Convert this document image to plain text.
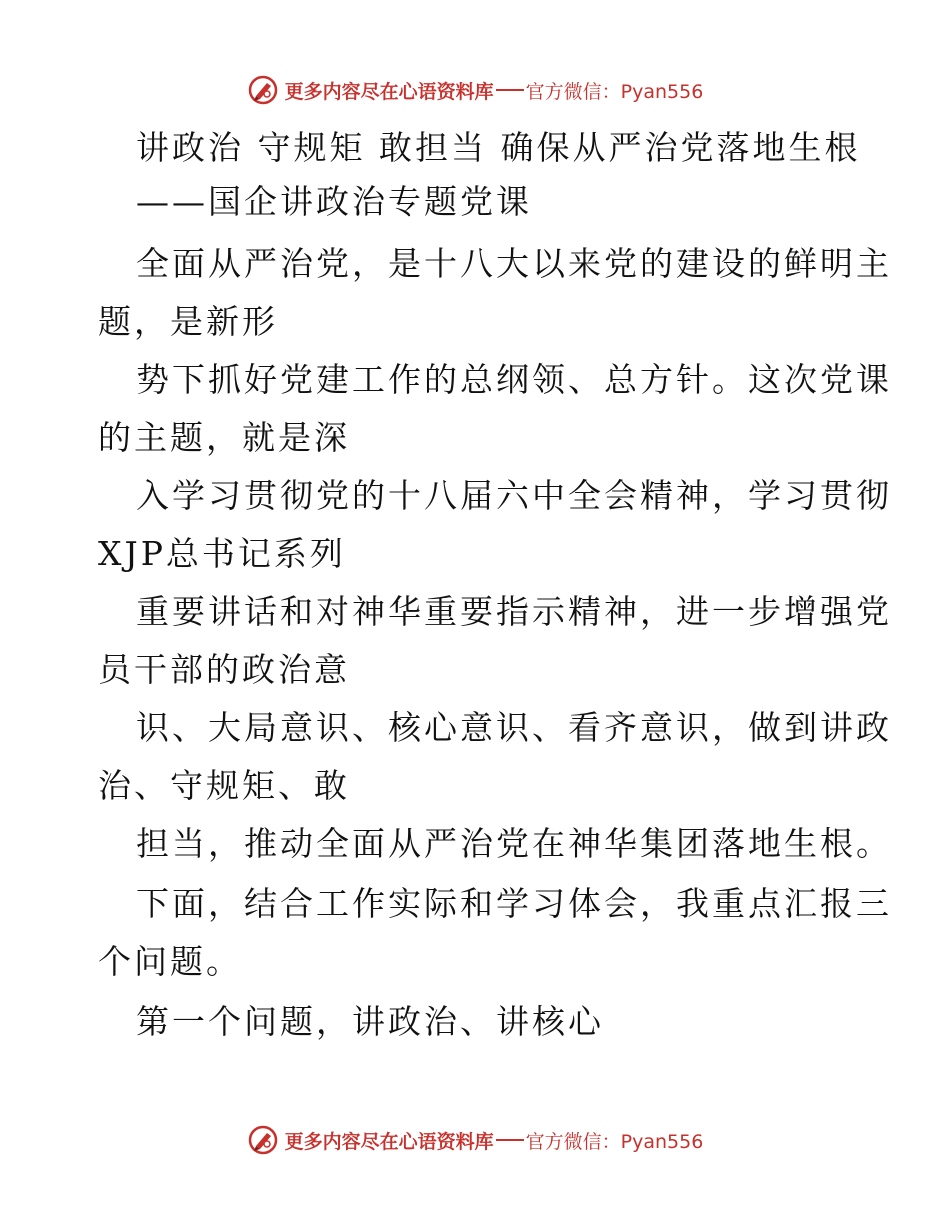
更多内容尽在心语资料库 官方微信：Pyan556
讲政治 守规矩 敢担当 确保从严治党落地生根
——国企讲政治专题党课
全面从严治党，是十八大以来党的建设的鲜明主
题，是新形
势下抓好党建工作的总纲领、总方针。这次党课
的主题，就是深
入学习贯彻党的十八届六中全会精神，学习贯彻
XJP总书记系列
重要讲话和对神华重要指示精神，进一步增强党
员干部的政治意
识、大局意识、核心意识、看齐意识，做到讲政
治、守规矩、敢
担当，推动全面从严治党在神华集团落地生根。
下面，结合工作实际和学习体会，我重点汇报三
个问题。
第一个问题，讲政治、讲核心
更多内容尽在心语资料库 官方微信：Pyan556
